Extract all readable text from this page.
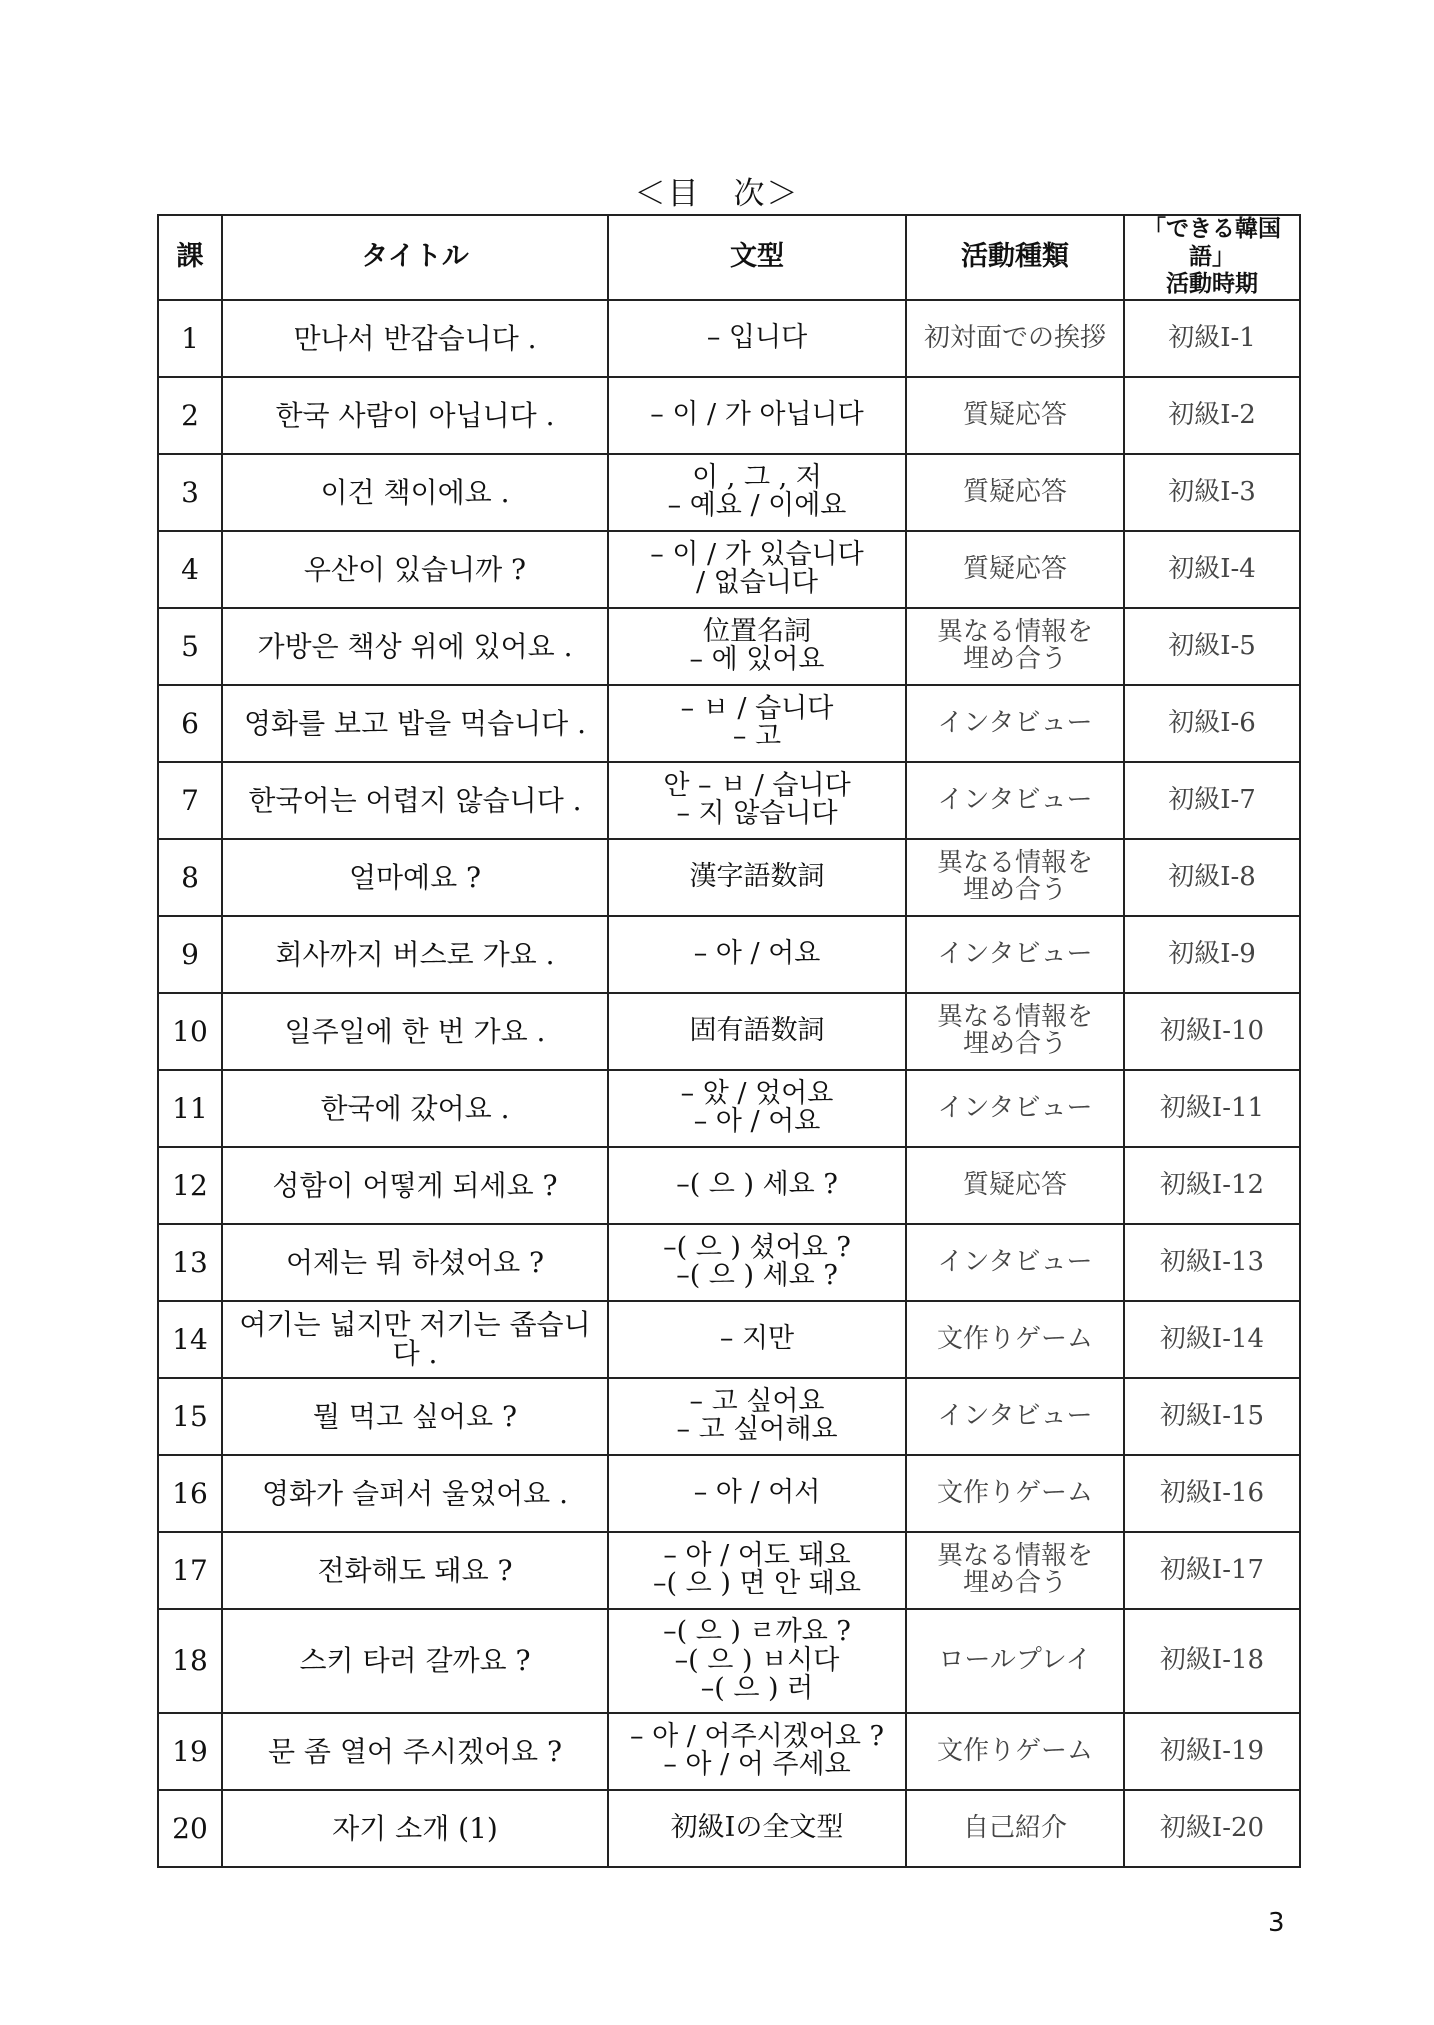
＜目　次＞
課	タイトル	文型	活動種類	「できる韓国語」
活動時期

1	만나서 반갑습니다 .	– 입니다	初対面での挨拶	初級Ⅰ-1
2	한국 사람이 아닙니다 .	– 이 / 가 아닙니다	質疑応答	初級Ⅰ-2
3	이건 책이에요 .	이 , 그 , 저
– 예요 / 이에요	質疑応答	初級Ⅰ-3
4	우산이 있습니까 ?	– 이 / 가 있습니다
/ 없습니다	質疑応答	初級Ⅰ-4
5	가방은 책상 위에 있어요 .	位置名詞
– 에 있어요	異なる情報を
埋め合う	初級Ⅰ-5
6	영화를 보고 밥을 먹습니다 .	– ㅂ / 습니다
– 고	インタビュー	初級Ⅰ-6
7	한국어는 어렵지 않습니다 .	안 – ㅂ / 습니다
– 지 않습니다	インタビュー	初級Ⅰ-7
8	얼마예요 ?	漢字語数詞	異なる情報を
埋め合う	初級Ⅰ-8
9	회사까지 버스로 가요 .	– 아 / 어요	インタビュー	初級Ⅰ-9
10	일주일에 한 번 가요 .	固有語数詞	異なる情報を
埋め合う	初級Ⅰ-10
11	한국에 갔어요 .	– 았 / 었어요
– 아 / 어요	インタビュー	初級Ⅰ-11
12	성함이 어떻게 되세요 ?	–( 으 ) 세요 ?	質疑応答	初級Ⅰ-12
13	어제는 뭐 하셨어요 ?	–( 으 ) 셨어요 ?
–( 으 ) 세요 ?	インタビュー	初級Ⅰ-13
14	여기는 넓지만 저기는 좁습니다 .	– 지만	文作りゲーム	初級Ⅰ-14
15	뭘 먹고 싶어요 ?	– 고 싶어요
– 고 싶어해요	インタビュー	初級Ⅰ-15
16	영화가 슬퍼서 울었어요 .	– 아 / 어서	文作りゲーム	初級Ⅰ-16
17	전화해도 돼요 ?	– 아 / 어도 돼요
–( 으 ) 면 안 돼요	異なる情報を
埋め合う	初級Ⅰ-17
18	스키 타러 갈까요 ?	–( 으 ) ㄹ까요 ?
–( 으 ) ㅂ시다
–( 으 ) 러	ロールプレイ	初級Ⅰ-18
19	문 좀 열어 주시겠어요 ?	– 아 / 어주시겠어요 ?
– 아 / 어 주세요	文作りゲーム	初級Ⅰ-19
20	자기 소개 (1)	初級Ⅰの全文型	自己紹介	初級Ⅰ-20
3
